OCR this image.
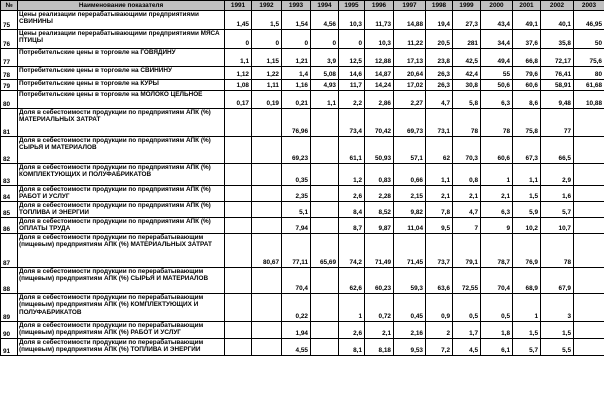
№	Наименование показателя	1991	1992	1993	1994	1995	1996	1997	1998	1999	2000	2001	2002	2003
75	Цены реализации перерабатывающими предприятиями СВИНИНЫ	1,45	1,5	1,54	4,56	10,3	11,73	14,88	19,4	27,3	43,4	49,1	40,1	46,95
76	Цены реализации перерабатывающими предприятиями МЯСА ПТИЦЫ	0	0	0	0	0	10,3	11,22	20,5	281	34,4	37,6	35,8	50
77	Потребительские цены в торговле на ГОВЯДИНУ	1,1	1,15	1,21	3,9	12,5	12,88	17,13	23,8	42,5	49,4	66,8	72,17	75,6
78	Потребительские цены в торговле на СВИНИНУ	1,12	1,22	1,4	5,08	14,6	14,87	20,64	26,3	42,4	55	79,6	76,41	80
79	Потребительские цены в торговле на КУРЫ	1,08	1,11	1,16	4,93	11,7	14,24	17,02	26,3	30,8	50,6	60,6	58,91	61,68
80	Потребительские цены в торговле на МОЛОКО ЦЕЛЬНОЕ	0,17	0,19	0,21	1,1	2,2	2,86	2,27	4,7	5,8	6,3	8,6	9,48	10,88
81	Доля в себестоимости продукции по предприятиям АПК (%) МАТЕРИАЛЬНЫХ ЗАТРАТ			76,96		73,4	70,42	69,73	73,1	78	78	75,8	77	
82	Доля в себестоимости продукции по предприятиям АПК (%) СЫРЬЯ И МАТЕРИАЛОВ			69,23		61,1	50,93	57,1	62	70,3	60,6	67,3	66,5	
83	Доля в себестоимости продукции по предприятиям АПК (%) КОМПЛЕКТУЮЩИХ И ПОЛУФАБРИКАТОВ			0,35		1,2	0,83	0,66	1,1	0,8	1	1,1	2,9	
84	Доля в себестоимости продукции по предприятиям АПК (%) РАБОТ И УСЛУГ			2,35		2,6	2,28	2,15	2,1	2,1	2,1	1,5	1,6	
85	Доля в себестоимости продукции по предприятиям АПК (%) ТОПЛИВА И ЭНЕРГИИ			5,1		8,4	8,52	9,82	7,8	4,7	6,3	5,9	5,7	
86	Доля в себестоимости продукции по предприятиям АПК (%) ОПЛАТЫ ТРУДА			7,94		8,7	9,87	11,04	9,5	7	9	10,2	10,7	
87	Доля в себестоимости продукции по перерабатывающим (пищевым) предприятиям АПК (%) МАТЕРИАЛЬНЫХ ЗАТРАТ		80,67	77,11	65,69	74,2	71,49	71,45	73,7	79,1	78,7	76,9	78	
88	Доля в себестоимости продукции по перерабатывающим (пищевым) предприятиям АПК (%) СЫРЬЯ И МАТЕРИАЛОВ			70,4		62,6	60,23	59,3	63,6	72,55	70,4	68,9	67,9	
89	Доля в себестоимости продукции по перерабатывающим (пищевым) предприятиям АПК (%) КОМПЛЕКТУЮЩИХ И ПОЛУФАБРИКАТОВ			0,22		1	0,72	0,45	0,9	0,5	0,5	1	3	
90	Доля в себестоимости продукции по перерабатывающим (пищевым) предприятиям АПК (%) РАБОТ И УСЛУГ			1,94		2,6	2,1	2,16	2	1,7	1,8	1,5	1,5	
91	Доля в себестоимости продукции по перерабатывающим (пищевым) предприятиям АПК (%) ТОПЛИВА И ЭНЕРГИИ			4,55		8,1	8,18	9,53	7,2	4,5	6,1	5,7	5,5	
